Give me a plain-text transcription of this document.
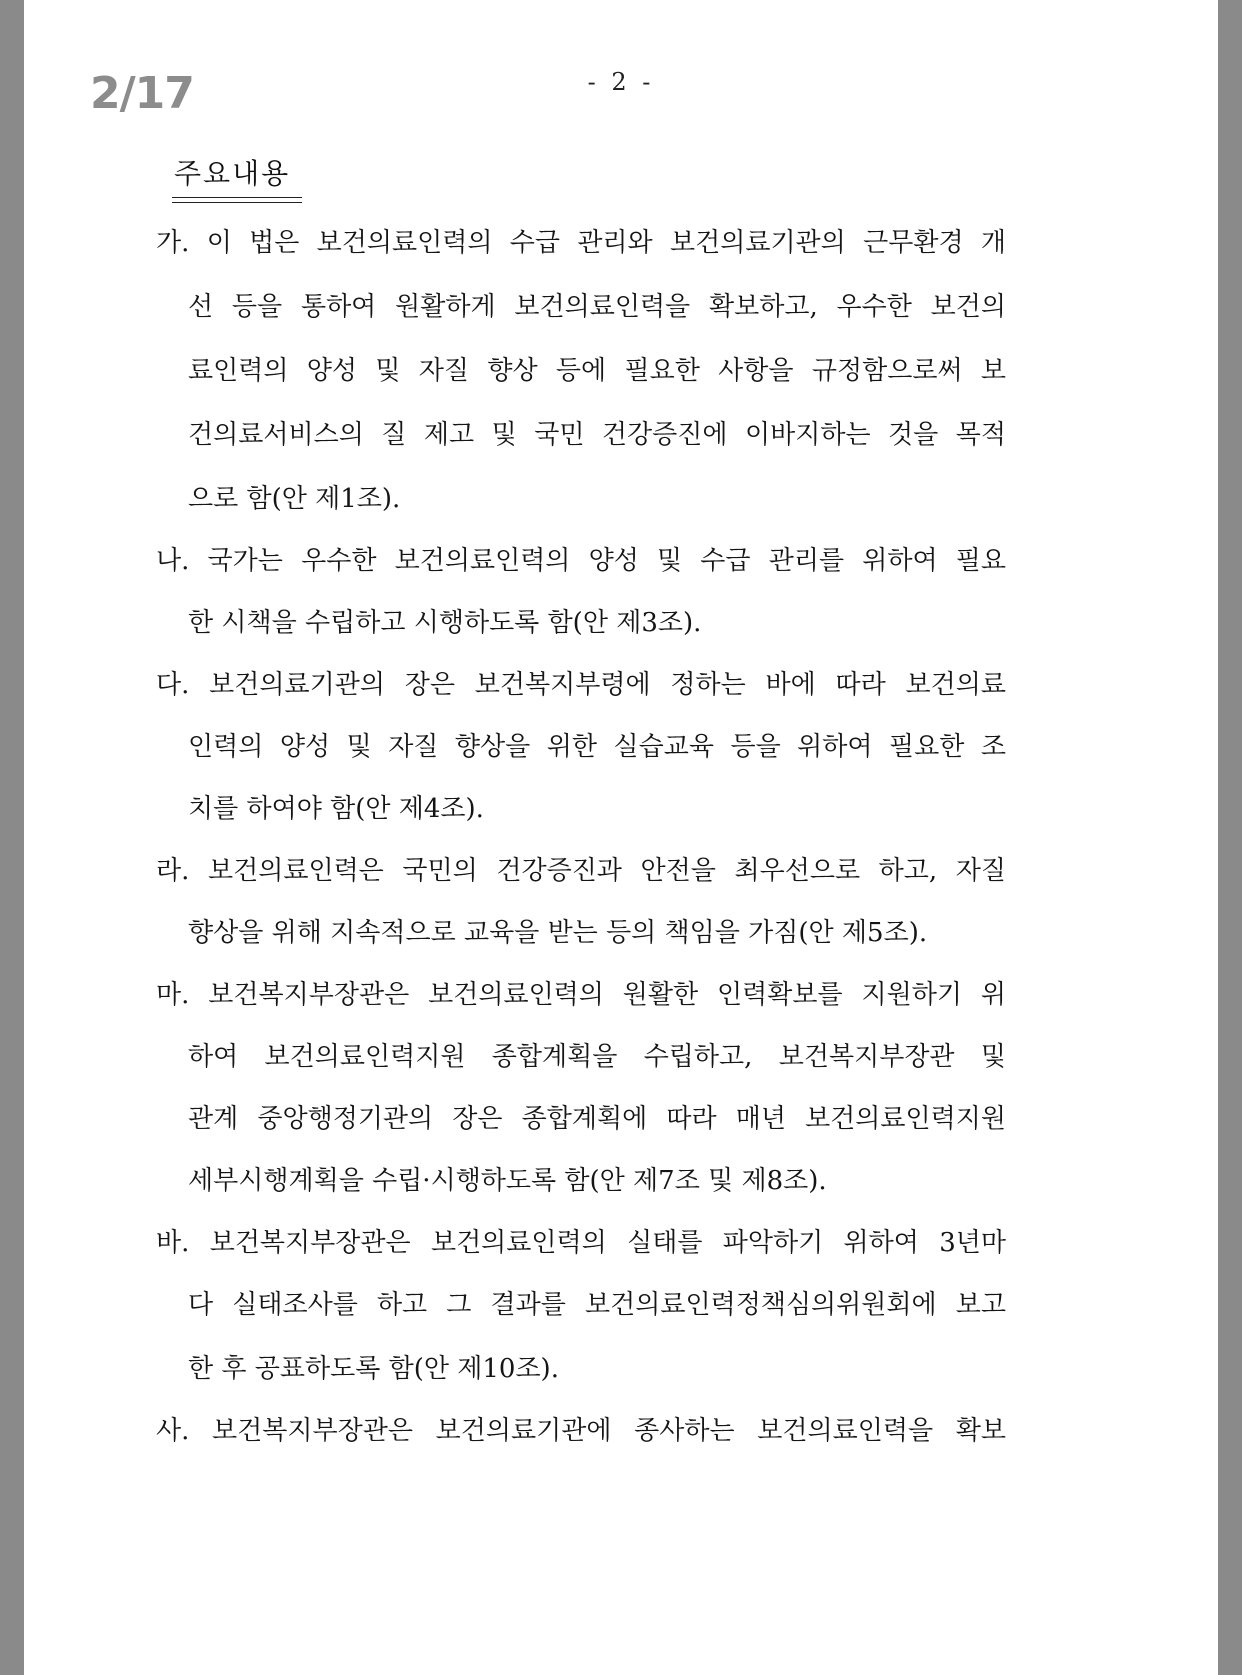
2/17	- 2 -
주요내용
가. 이 법은 보건의료인력의 수급 관리와 보건의료기관의 근무환경 개
선 등을 통하여 원활하게 보건의료인력을 확보하고, 우수한 보건의
료인력의 양성 및 자질 향상 등에 필요한 사항을 규정함으로써 보
건의료서비스의 질 제고 및 국민 건강증진에 이바지하는 것을 목적
으로 함(안 제1조).
나. 국가는 우수한 보건의료인력의 양성 및 수급 관리를 위하여 필요
한 시책을 수립하고 시행하도록 함(안 제3조).
다. 보건의료기관의 장은 보건복지부령에 정하는 바에 따라 보건의료
인력의 양성 및 자질 향상을 위한 실습교육 등을 위하여 필요한 조
치를 하여야 함(안 제4조).
라. 보건의료인력은 국민의 건강증진과 안전을 최우선으로 하고, 자질
향상을 위해 지속적으로 교육을 받는 등의 책임을 가짐(안 제5조).
마. 보건복지부장관은 보건의료인력의 원활한 인력확보를 지원하기 위
하여 보건의료인력지원 종합계획을 수립하고, 보건복지부장관 및
관계 중앙행정기관의 장은 종합계획에 따라 매년 보건의료인력지원
세부시행계획을 수립·시행하도록 함(안 제7조 및 제8조).
바. 보건복지부장관은 보건의료인력의 실태를 파악하기 위하여 3년마
다 실태조사를 하고 그 결과를 보건의료인력정책심의위원회에 보고
한 후 공표하도록 함(안 제10조).
사. 보건복지부장관은 보건의료기관에 종사하는 보건의료인력을 확보
